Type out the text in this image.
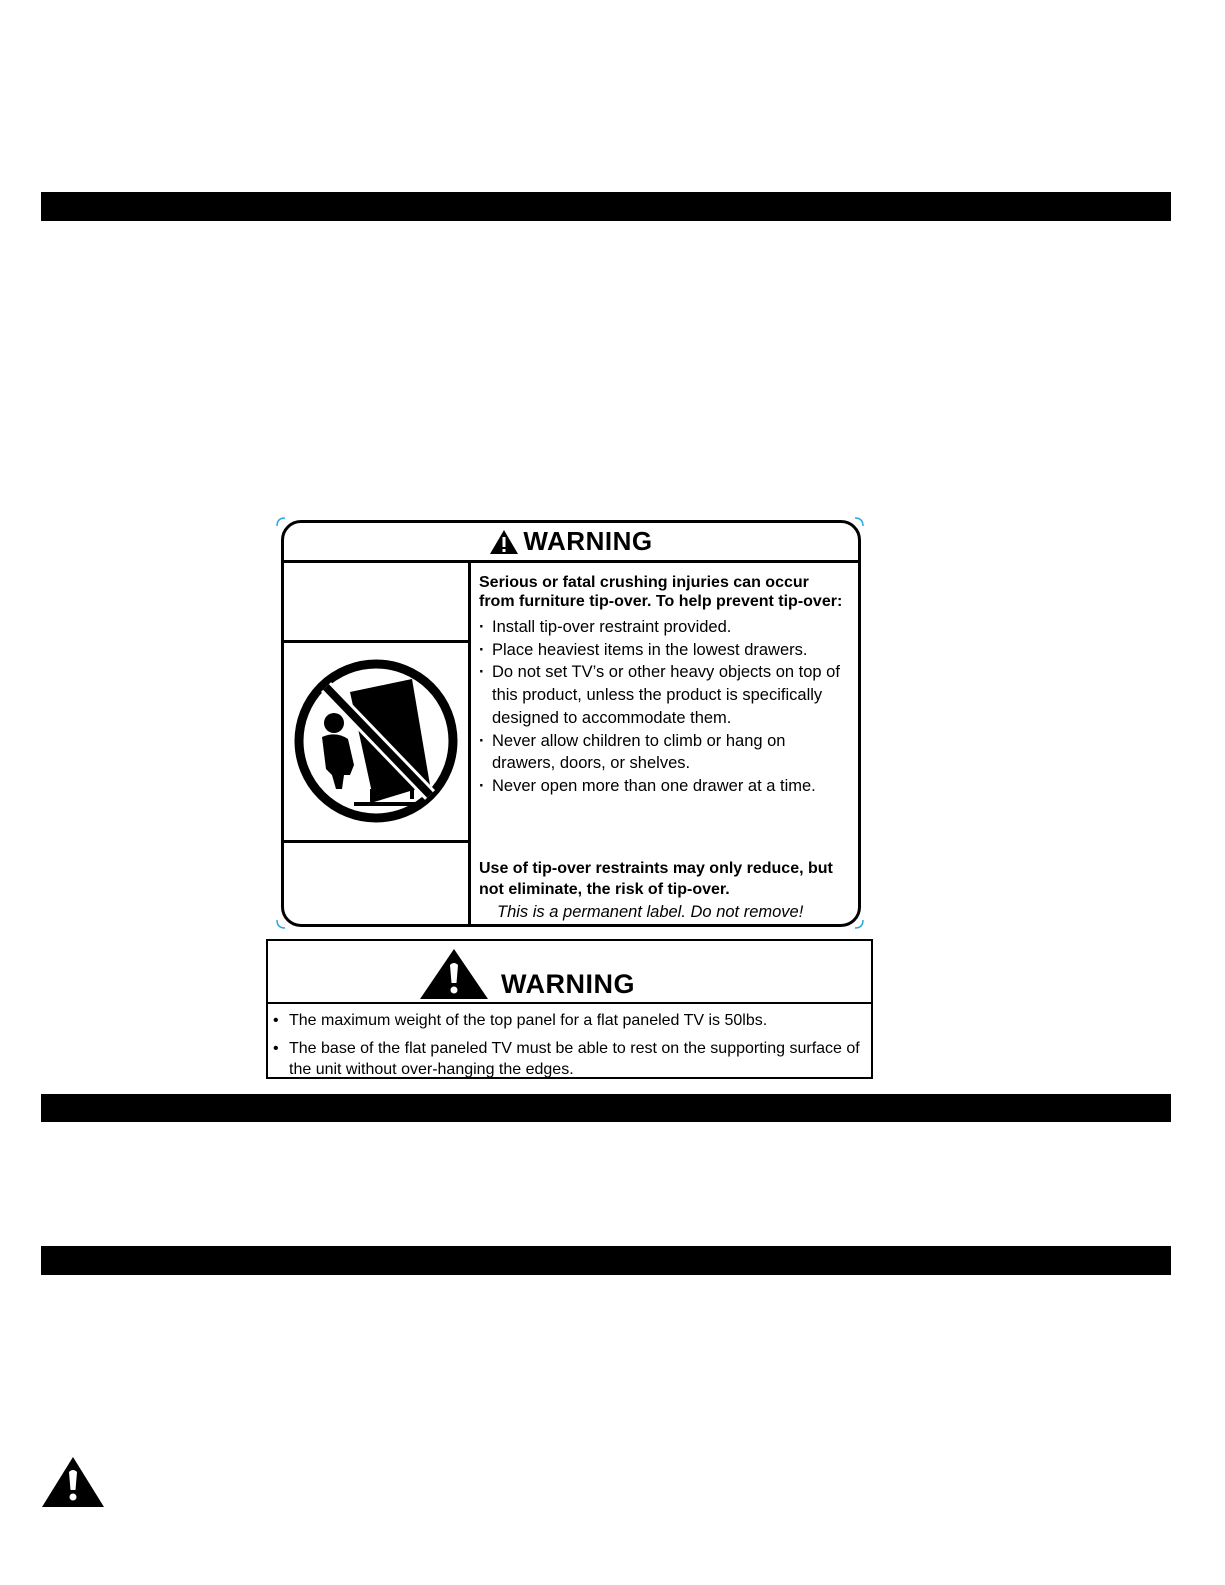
WARNING

Serious or fatal crushing injuries can occur from furniture tip-over. To help prevent tip-over:

· Install tip-over restraint provided.
· Place heaviest items in the lowest drawers.
· Do not set TV’s or other heavy objects on top of this product, unless the product is specifically designed to accommodate them.
· Never allow children to climb or hang on drawers, doors, or shelves.
· Never open more than one drawer at a time.

Use of tip-over restraints may only reduce, but not eliminate, the risk of tip-over.

This is a permanent label. Do not remove!
WARNING
• The maximum weight of the top panel for a flat paneled TV is 50lbs.
• The base of the flat paneled TV must be able to rest on the supporting surface of the unit without over-hanging the edges.
